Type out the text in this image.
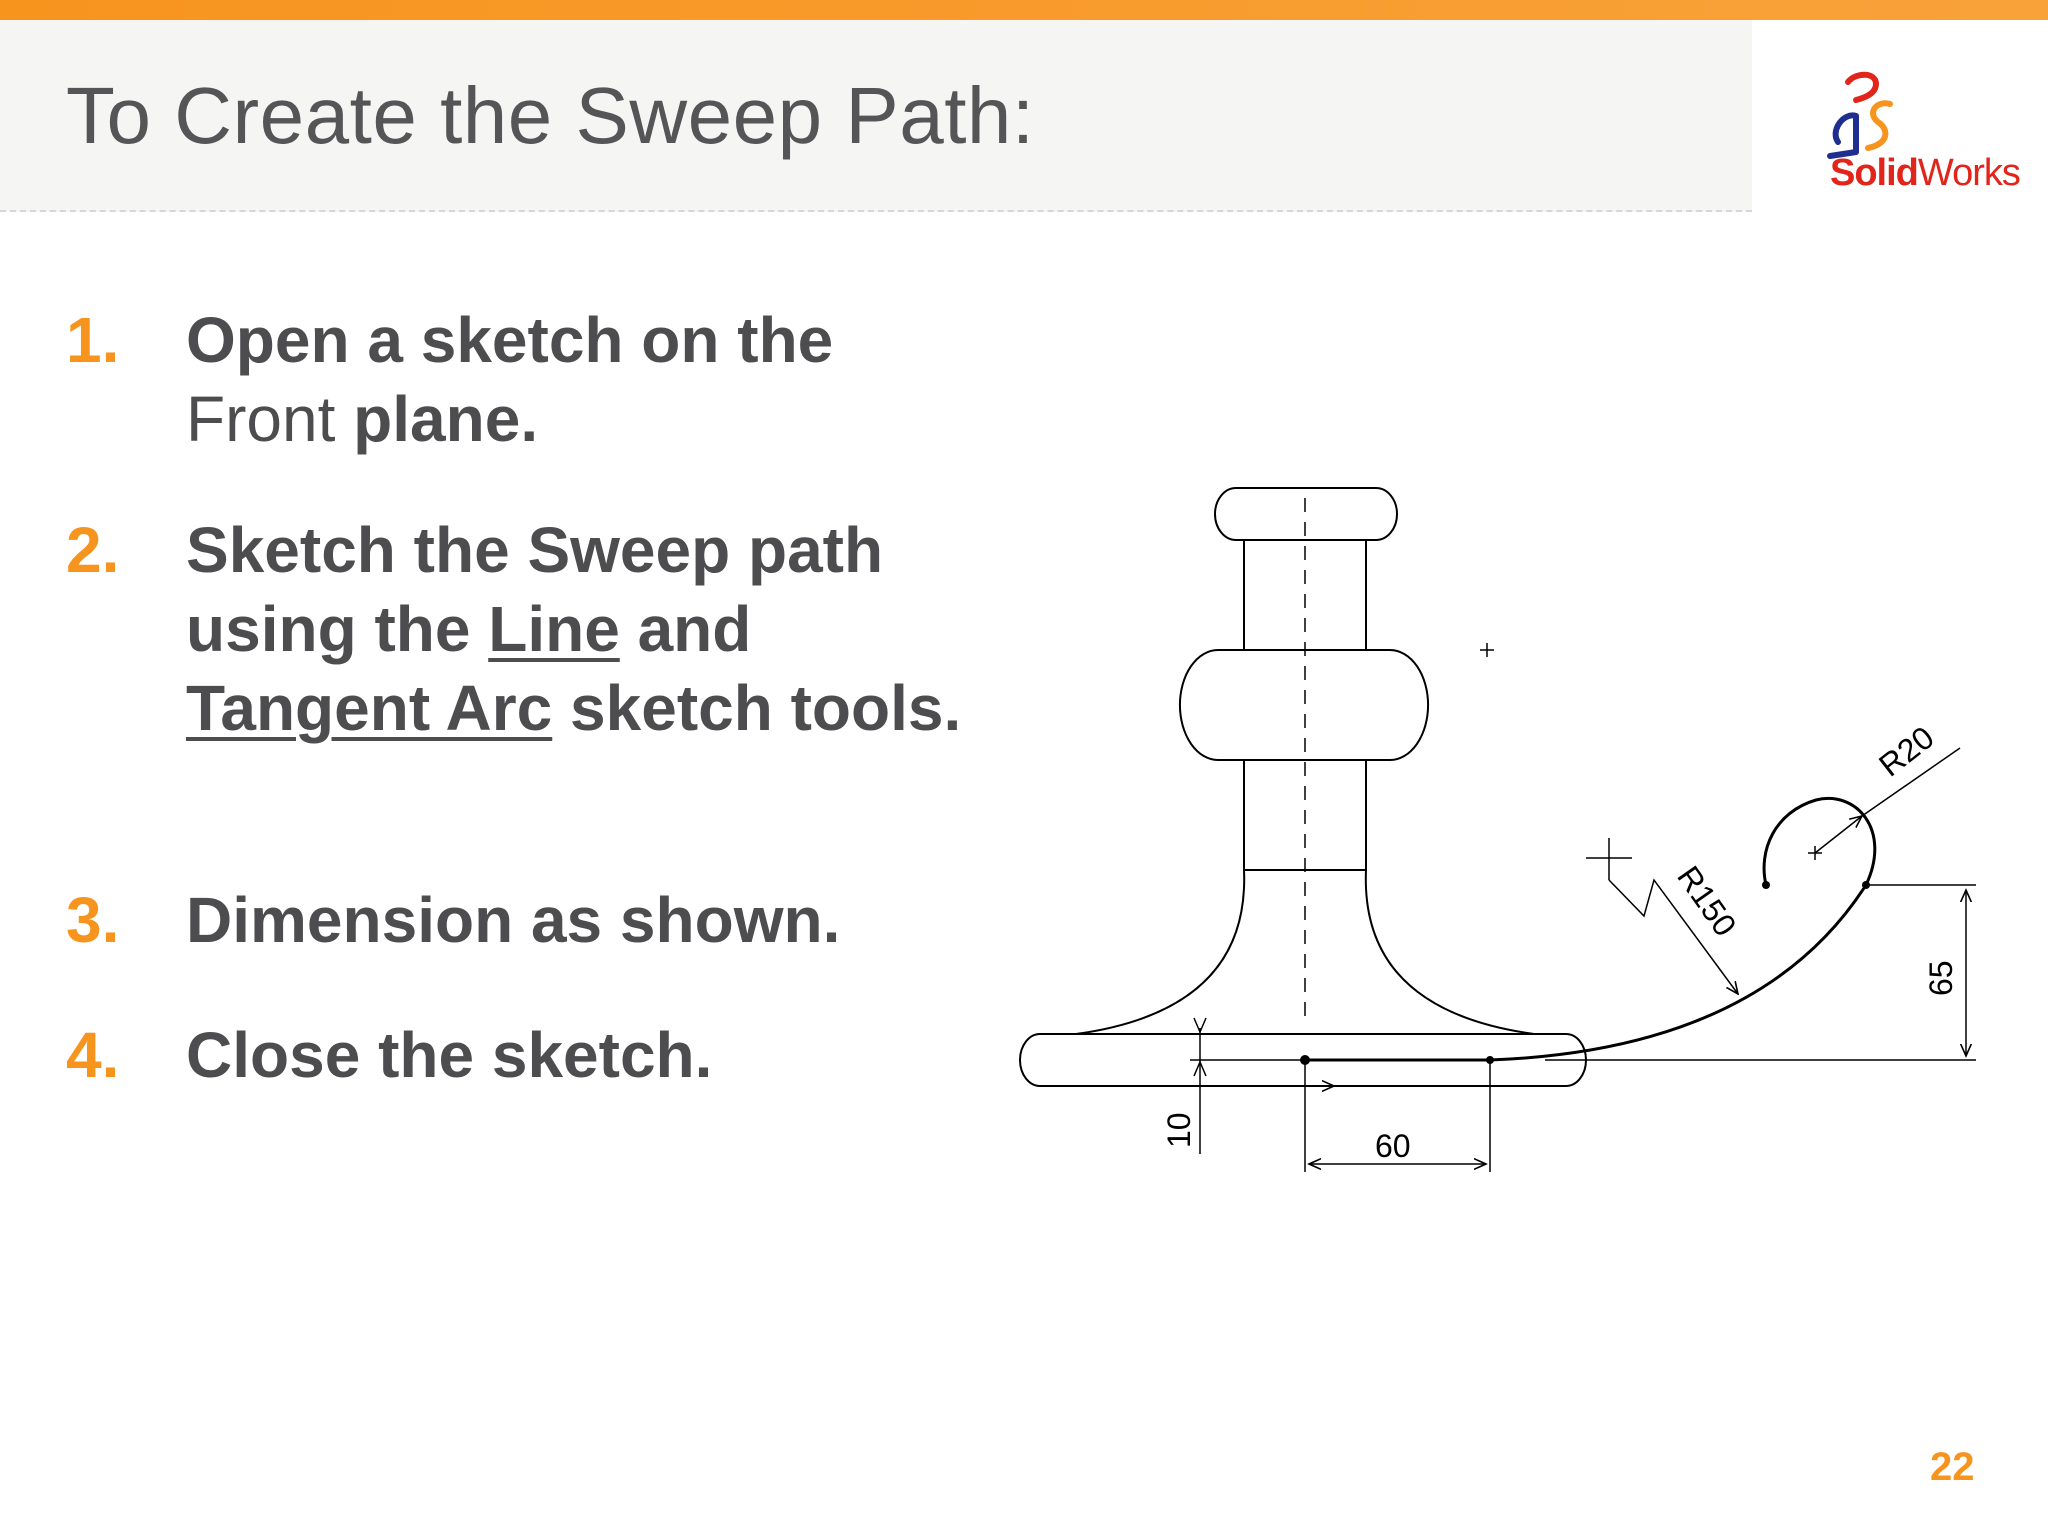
To Create the Sweep Path:
SolidWorks
1. Open a sketch on the
Front plane.
2. Sketch the Sweep path using the Line and
Tangent Arc sketch tools.
3. Dimension as shown.
4. Close the sketch.
10	60
R150
R20
65
22
